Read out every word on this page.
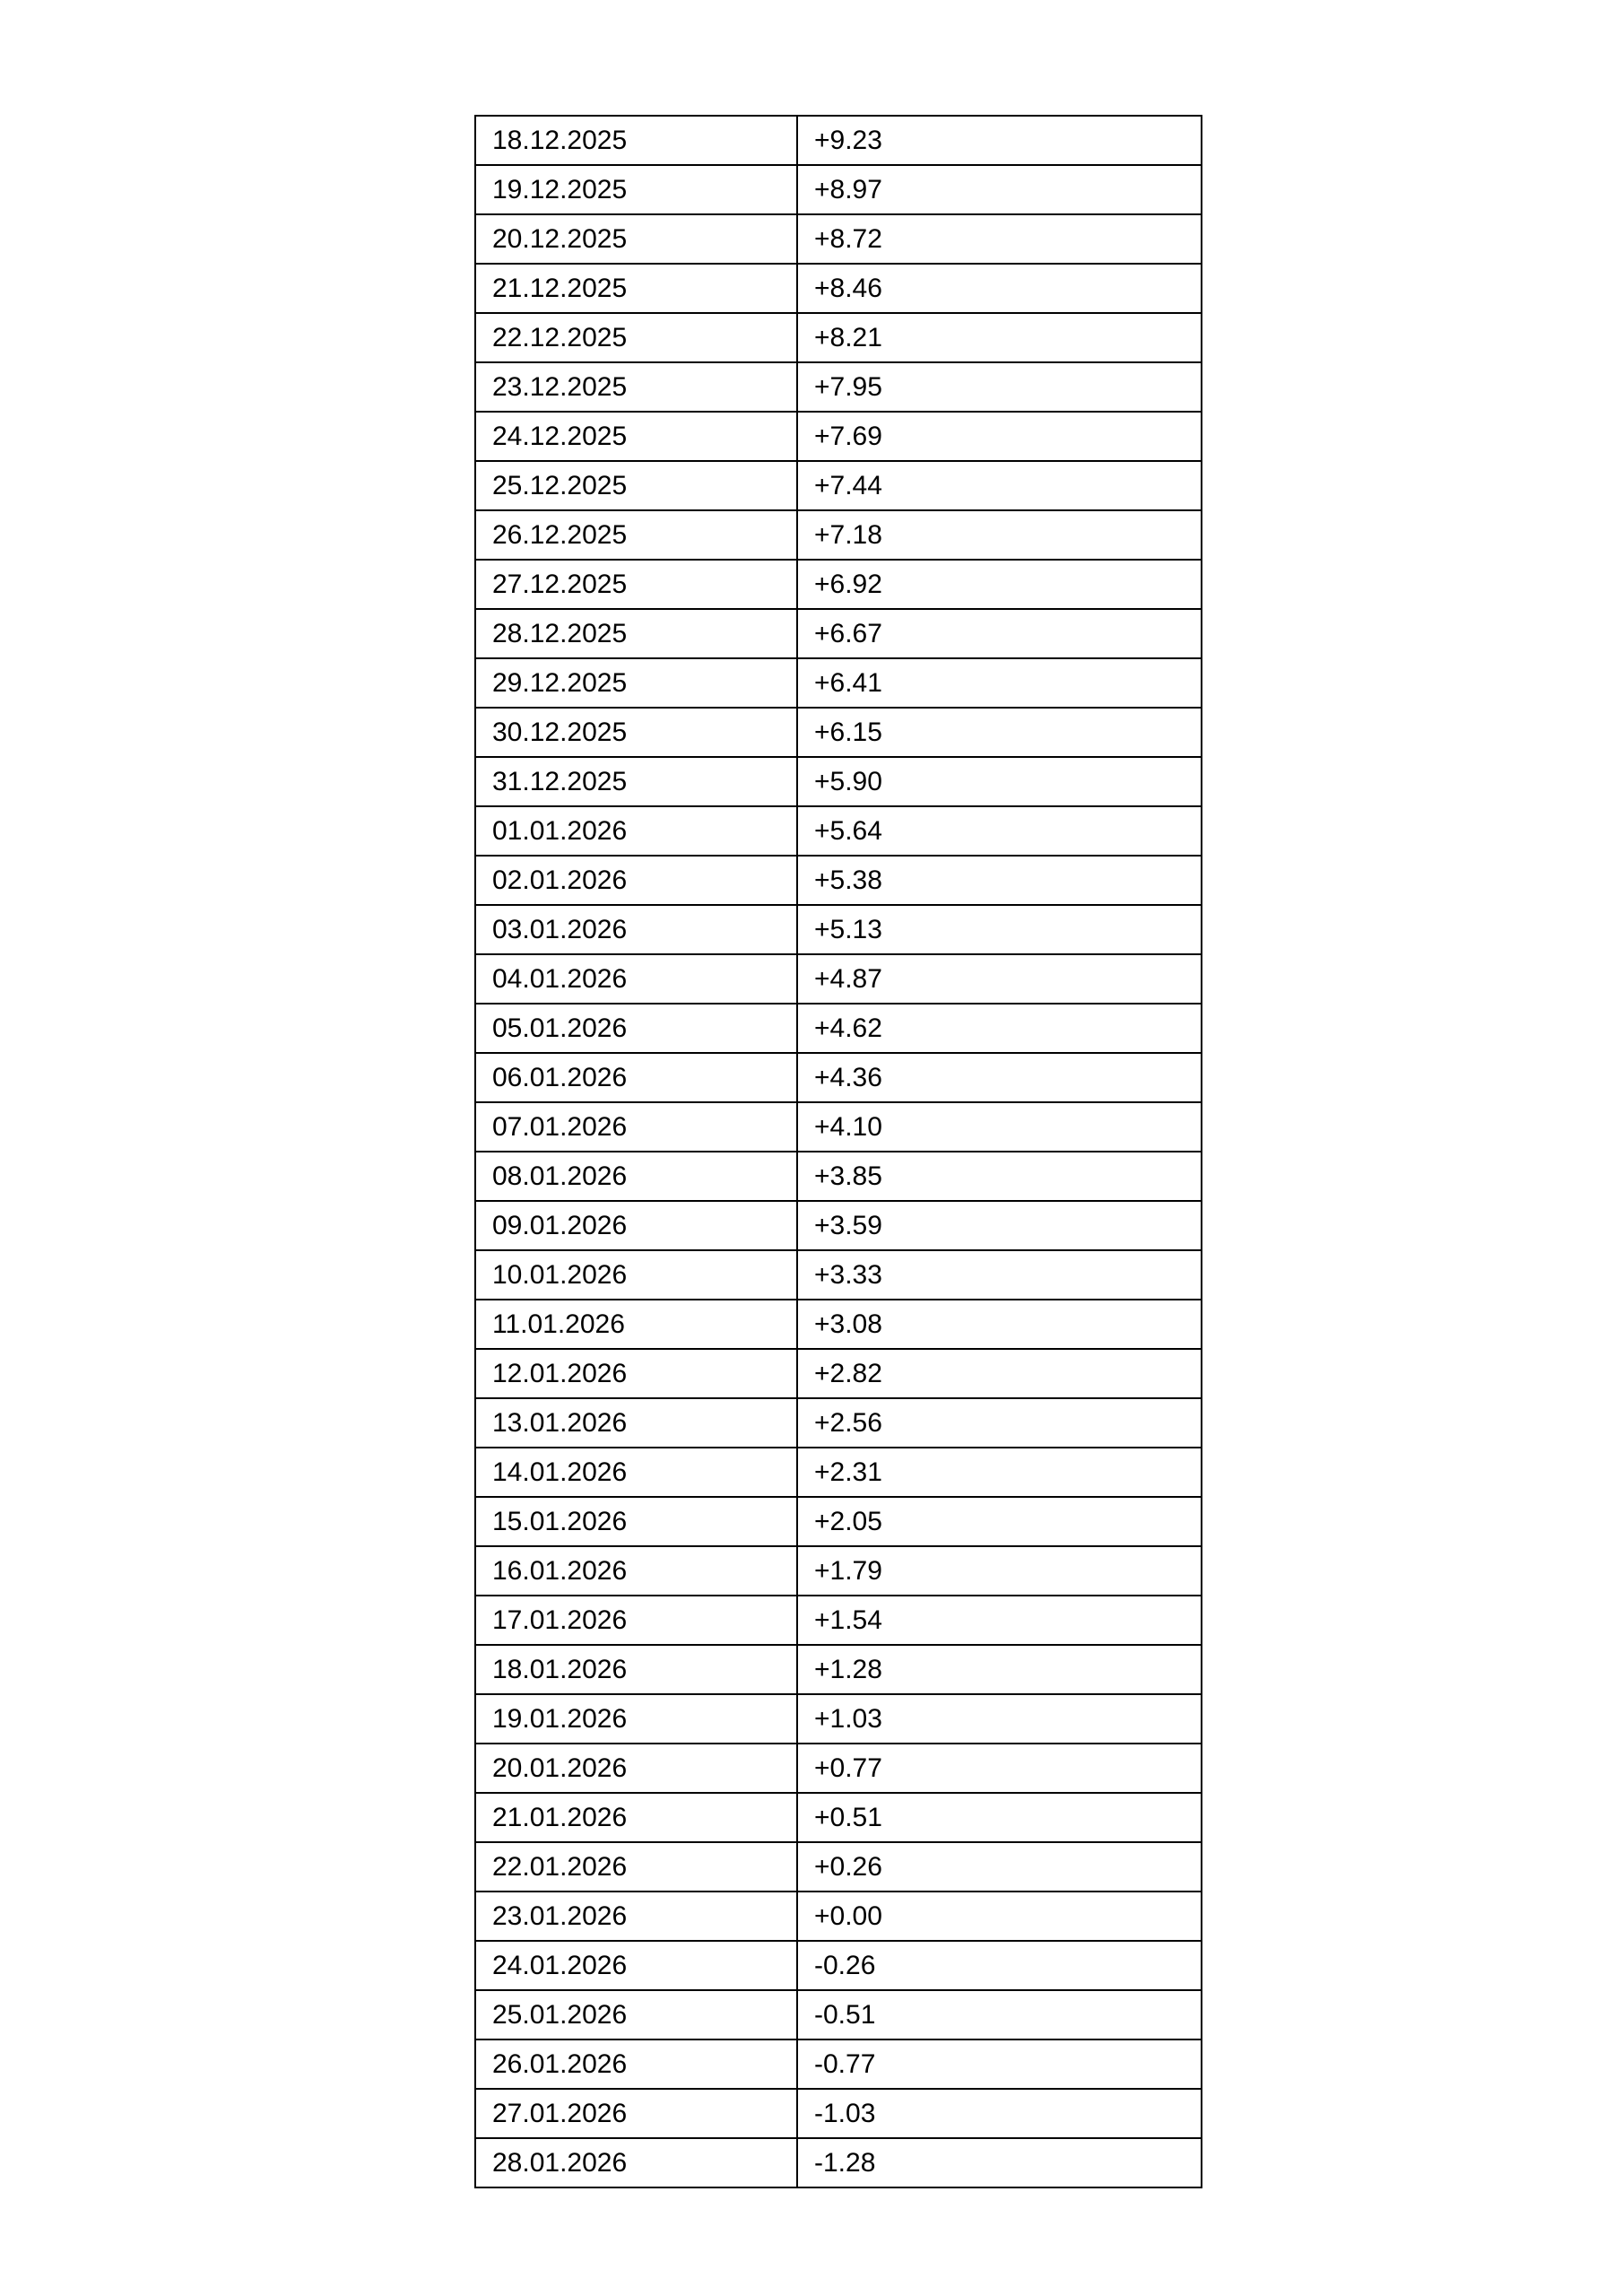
18.12.2025	+9.23
19.12.2025	+8.97
20.12.2025	+8.72
21.12.2025	+8.46
22.12.2025	+8.21
23.12.2025	+7.95
24.12.2025	+7.69
25.12.2025	+7.44
26.12.2025	+7.18
27.12.2025	+6.92
28.12.2025	+6.67
29.12.2025	+6.41
30.12.2025	+6.15
31.12.2025	+5.90
01.01.2026	+5.64
02.01.2026	+5.38
03.01.2026	+5.13
04.01.2026	+4.87
05.01.2026	+4.62
06.01.2026	+4.36
07.01.2026	+4.10
08.01.2026	+3.85
09.01.2026	+3.59
10.01.2026	+3.33
11.01.2026	+3.08
12.01.2026	+2.82
13.01.2026	+2.56
14.01.2026	+2.31
15.01.2026	+2.05
16.01.2026	+1.79
17.01.2026	+1.54
18.01.2026	+1.28
19.01.2026	+1.03
20.01.2026	+0.77
21.01.2026	+0.51
22.01.2026	+0.26
23.01.2026	+0.00
24.01.2026	-0.26
25.01.2026	-0.51
26.01.2026	-0.77
27.01.2026	-1.03
28.01.2026	-1.28
